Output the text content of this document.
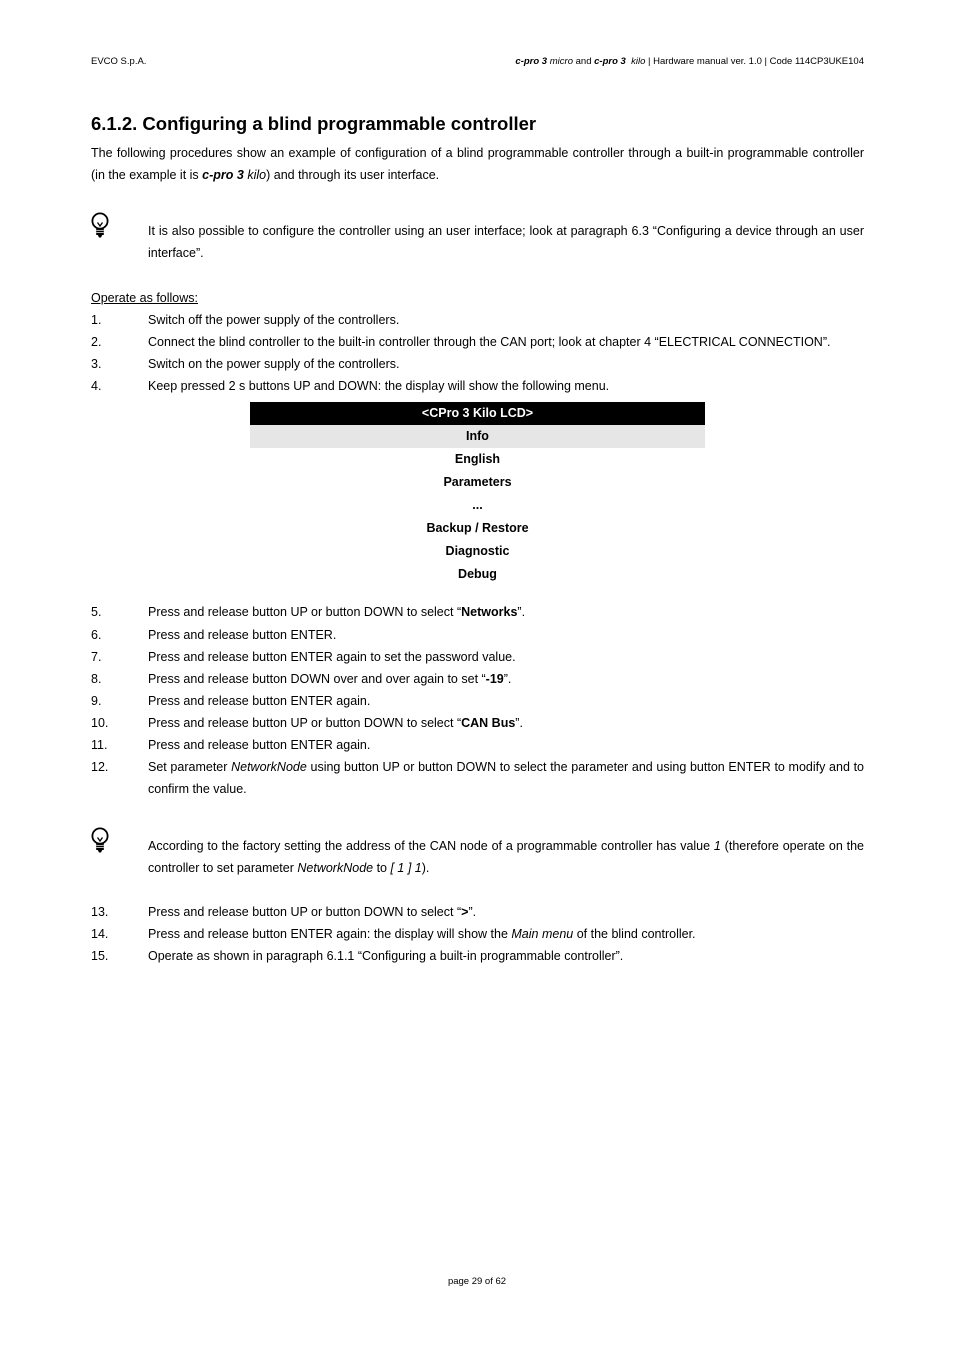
EVCO S.p.A.	c-pro 3 micro and c-pro 3 kilo | Hardware manual ver. 1.0 | Code 114CP3UKE104
6.1.2. Configuring a blind programmable controller

The following procedures show an example of configuration of a blind programmable controller through a built-in programmable controller (in the example it is c-pro 3 kilo) and through its user interface.

It is also possible to configure the controller using an user interface; look at paragraph 6.3 “Configuring a device through an user interface”.

Operate as follows:

1.	Switch off the power supply of the controllers.
2.	Connect the blind controller to the built-in controller through the CAN port; look at chapter 4 “ELECTRICAL CONNECTION”.
3.	Switch on the power supply of the controllers.
4.	Keep pressed 2 s buttons UP and DOWN: the display will show the following menu.
<CPro 3 Kilo LCD>
Info
English
Parameters
...
Backup / Restore
Diagnostic
Debug
5.	Press and release button UP or button DOWN to select “Networks”.
6.	Press and release button ENTER.
7.	Press and release button ENTER again to set the password value.
8.	Press and release button DOWN over and over again to set “-19”.
9.	Press and release button ENTER again.
10.	Press and release button UP or button DOWN to select “CAN Bus”.
11.	Press and release button ENTER again.
12.	Set parameter NetworkNode using button UP or button DOWN to select the parameter and using button ENTER to modify and to confirm the value.

According to the factory setting the address of the CAN node of a programmable controller has value 1 (therefore operate on the controller to set parameter NetworkNode to [ 1 ] 1).

13.	Press and release button UP or button DOWN to select “>”.
14.	Press and release button ENTER again: the display will show the Main menu of the blind controller.
15.	Operate as shown in paragraph 6.1.1 “Configuring a built-in programmable controller”.
page 29 of 62
